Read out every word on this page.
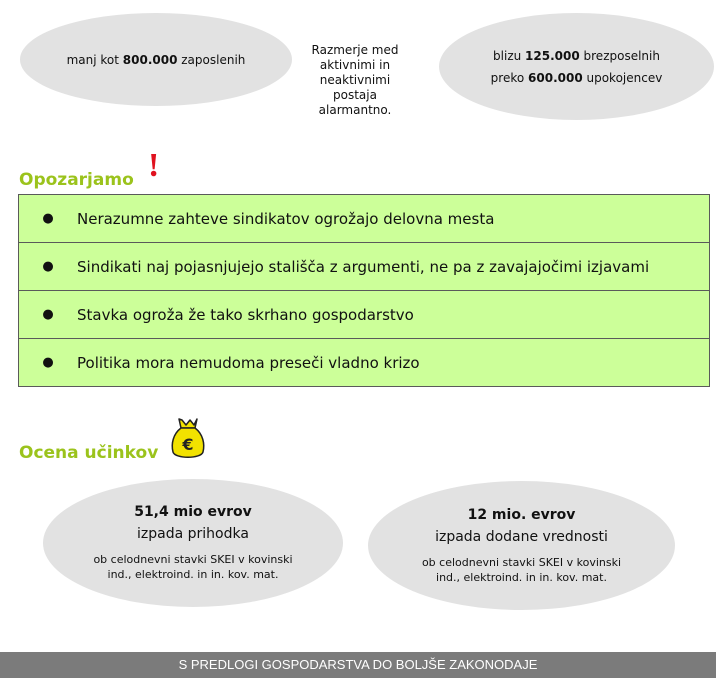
manj kot 800.000 zaposlenih
Razmerje med
aktivnimi in
neaktivnimi
postaja
alarmantno.
blizu 125.000 brezposelnih
preko 600.000 upokojencev
Opozarjamo !
●	Nerazumne zahteve sindikatov ogrožajo delovna mesta
●	Sindikati naj pojasnjujejo stališča z argumenti, ne pa z zavajajočimi izjavami
●	Stavka ogroža že tako skrhano gospodarstvo
●	Politika mora nemudoma preseči vladno krizo
Ocena učinkov €
51,4 mio evrov
izpada prihodka
ob celodnevni stavki SKEI v kovinski
ind., elektroind. in in. kov. mat.
12 mio. evrov
izpada dodane vrednosti
ob celodnevni stavki SKEI v kovinski
ind., elektroind. in in. kov. mat.
S PREDLOGI GOSPODARSTVA DO BOLJŠE ZAKONODAJE
